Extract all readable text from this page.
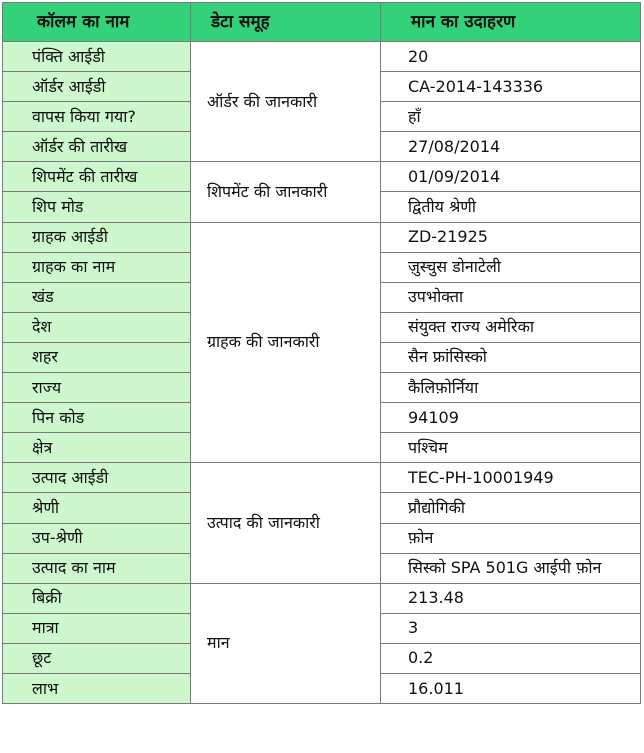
कॉलम का नाम	डेटा समूह	मान का उदाहरण
पंक्ति आईडी	ऑर्डर की जानकारी	20
ऑर्डर आईडी		CA-2014-143336
वापस किया गया?		हाँ
ऑर्डर की तारीख		27/08/2014
शिपमेंट की तारीख	शिपमेंट की जानकारी	01/09/2014
शिप मोड		द्वितीय श्रेणी
ग्राहक आईडी	ग्राहक की जानकारी	ZD-21925
ग्राहक का नाम		ज़ुस्चुस डोनाटेली
खंड		उपभोक्ता
देश		संयुक्त राज्य अमेरिका
शहर		सैन फ्रांसिस्को
राज्य		कैलिफ़ोर्निया
पिन कोड		94109
क्षेत्र		पश्चिम
उत्पाद आईडी	उत्पाद की जानकारी	TEC-PH-10001949
श्रेणी		प्रौद्योगिकी
उप-श्रेणी		फ़ोन
उत्पाद का नाम		सिस्को SPA 501G आईपी फ़ोन
बिक्री	मान	213.48
मात्रा		3
छूट		0.2
लाभ		16.011
